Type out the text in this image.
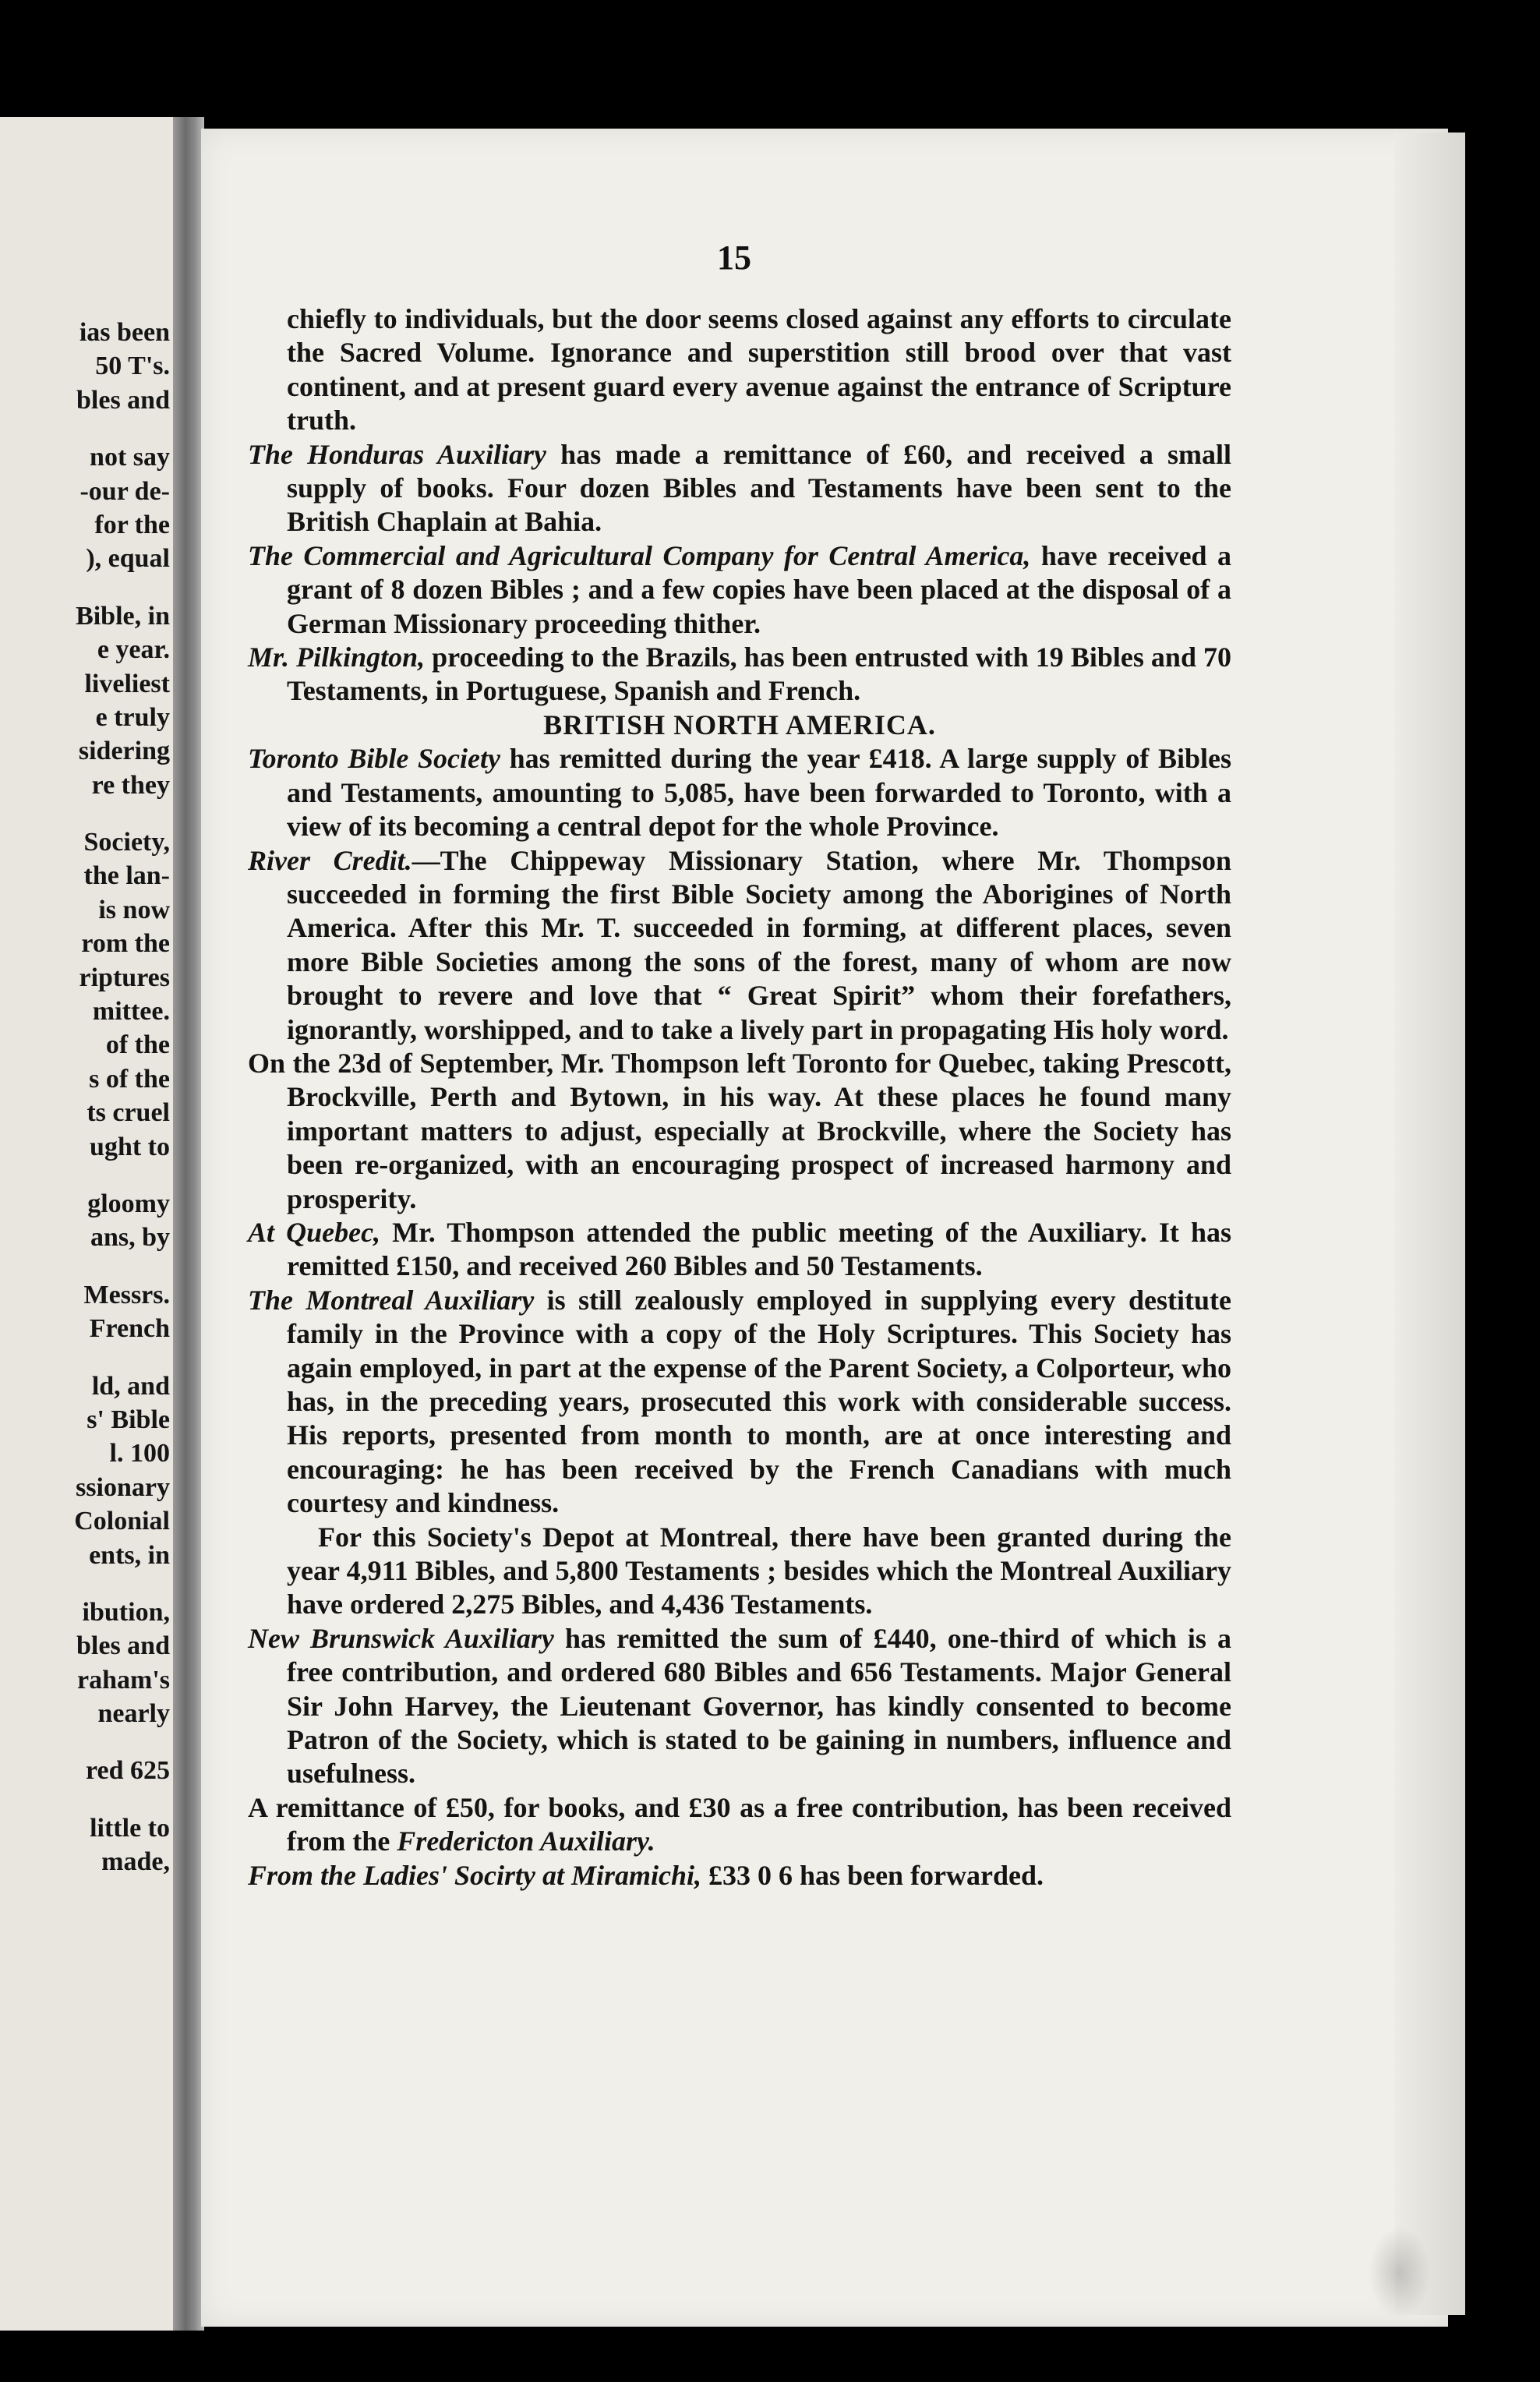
ias been
50 T's.
bles and
not say
-our de-
for the
), equal
Bible, in
e year.
liveliest
e truly
sidering
re they
Society,
the lan-
is now
rom the
riptures
mittee.
of the
s of the
ts cruel
ught to
gloomy
ans, by
Messrs.
French
ld, and
s' Bible
l. 100
ssionary
Colonial
ents, in
ibution,
bles and
raham's
nearly
red 625
little to
made,
15

chiefly to individuals, but the door seems closed against any efforts to circulate the Sacred Volume. Ignorance and superstition still brood over that vast continent, and at present guard every avenue against the entrance of Scripture truth.

The Honduras Auxiliary has made a remittance of £60, and received a small supply of books. Four dozen Bibles and Testaments have been sent to the British Chaplain at Bahia.

The Commercial and Agricultural Company for Central America, have received a grant of 8 dozen Bibles ; and a few copies have been placed at the disposal of a German Missionary proceeding thither.

Mr. Pilkington, proceeding to the Brazils, has been entrusted with 19 Bibles and 70 Testaments, in Portuguese, Spanish and French.

BRITISH NORTH AMERICA.

Toronto Bible Society has remitted during the year £418. A large supply of Bibles and Testaments, amounting to 5,085, have been forwarded to Toronto, with a view of its becoming a central depot for the whole Province.

River Credit.—The Chippeway Missionary Station, where Mr. Thompson succeeded in forming the first Bible Society among the Aborigines of North America. After this Mr. T. succeeded in forming, at different places, seven more Bible Societies among the sons of the forest, many of whom are now brought to revere and love that “ Great Spirit” whom their forefathers, ignorantly, worshipped, and to take a lively part in propagating His holy word.

On the 23d of September, Mr. Thompson left Toronto for Quebec, taking Prescott, Brockville, Perth and Bytown, in his way. At these places he found many important matters to adjust, especially at Brockville, where the Society has been re-organized, with an encouraging prospect of increased harmony and prosperity.

At Quebec, Mr. Thompson attended the public meeting of the Auxiliary. It has remitted £150, and received 260 Bibles and 50 Testaments.

The Montreal Auxiliary is still zealously employed in supplying every destitute family in the Province with a copy of the Holy Scriptures. This Society has again employed, in part at the expense of the Parent Society, a Colporteur, who has, in the preceding years, prosecuted this work with considerable success. His reports, presented from month to month, are at once interesting and encouraging: he has been received by the French Canadians with much courtesy and kindness.

For this Society's Depot at Montreal, there have been granted during the year 4,911 Bibles, and 5,800 Testaments ; besides which the Montreal Auxiliary have ordered 2,275 Bibles, and 4,436 Testaments.

New Brunswick Auxiliary has remitted the sum of £440, one-third of which is a free contribution, and ordered 680 Bibles and 656 Testaments. Major General Sir John Harvey, the Lieutenant Governor, has kindly consented to become Patron of the Society, which is stated to be gaining in numbers, influence and usefulness.

A remittance of £50, for books, and £30 as a free contribution, has been received from the Fredericton Auxiliary.

From the Ladies' Socirty at Miramichi, £33 0 6 has been forwarded.
